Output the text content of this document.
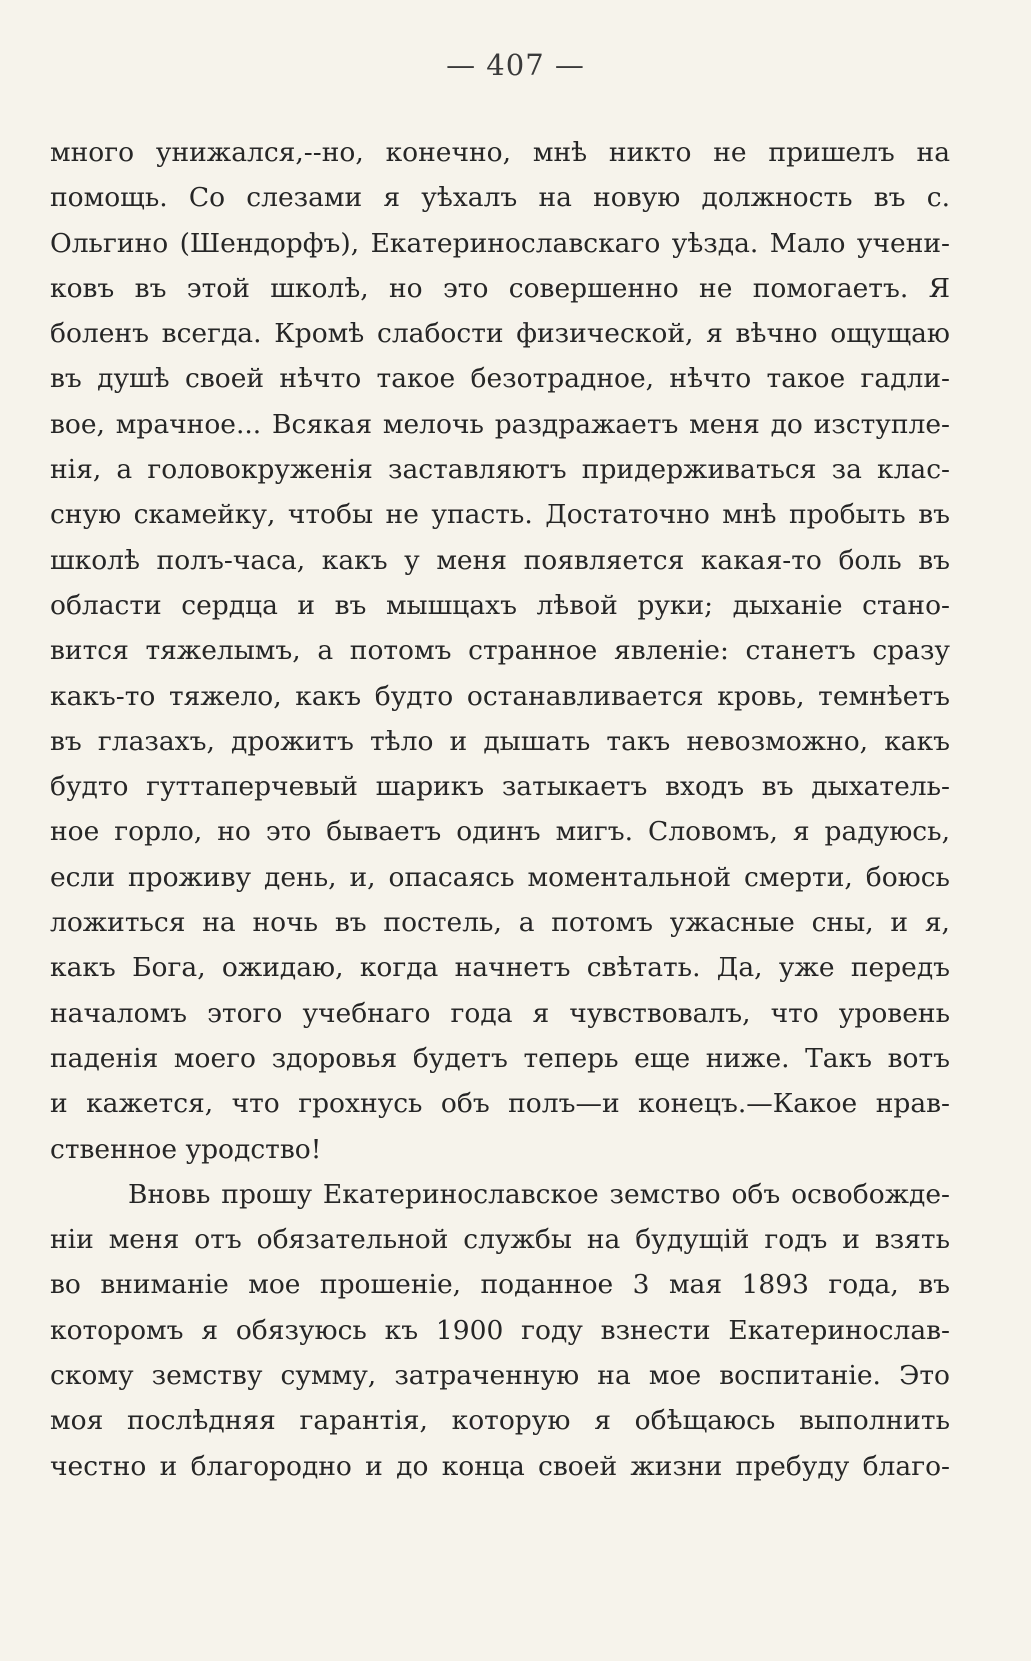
— 407 —
много унижался,--но, конечно, мнѣ никто не пришелъ на
помощь. Со слезами я уѣхалъ на новую должность въ с.
Ольгино (Шендорфъ), Екатеринославскаго уѣзда. Мало учени-
ковъ въ этой школѣ, но это совершенно не помогаетъ. Я
боленъ всегда. Кромѣ слабости физической, я вѣчно ощущаю
въ душѣ своей нѣчто такое безотрадное, нѣчто такое гадли-
вое, мрачное... Всякая мелочь раздражаетъ меня до изступле-
нія, а головокруженія заставляютъ придерживаться за клас-
сную скамейку, чтобы не упасть. Достаточно мнѣ пробыть въ
школѣ полъ-часа, какъ у меня появляется какая-то боль въ
области сердца и въ мышцахъ лѣвой руки; дыханіе стано-
вится тяжелымъ, а потомъ странное явленіе: станетъ сразу
какъ-то тяжело, какъ будто останавливается кровь, темнѣетъ
въ глазахъ, дрожитъ тѣло и дышать такъ невозможно, какъ
будто гуттаперчевый шарикъ затыкаетъ входъ въ дыхатель-
ное горло, но это бываетъ одинъ мигъ. Словомъ, я радуюсь,
если проживу день, и, опасаясь моментальной смерти, боюсь
ложиться на ночь въ постель, а потомъ ужасные сны, и я,
какъ Бога, ожидаю, когда начнетъ свѣтать. Да, уже передъ
началомъ этого учебнаго года я чувствовалъ, что уровень
паденія моего здоровья будетъ теперь еще ниже. Такъ вотъ
и кажется, что грохнусь объ полъ—и конецъ.—Какое нрав-
ственное уродство!
Вновь прошу Екатеринославское земство объ освобожде-
ніи меня отъ обязательной службы на будущій годъ и взять
во вниманіе мое прошеніе, поданное 3 мая 1893 года, въ
которомъ я обязуюсь къ 1900 году взнести Екатеринослав-
скому земству сумму, затраченную на мое воспитаніе. Это
моя послѣдняя гарантія, которую я обѣщаюсь выполнить
честно и благородно и до конца своей жизни пребуду благо-
